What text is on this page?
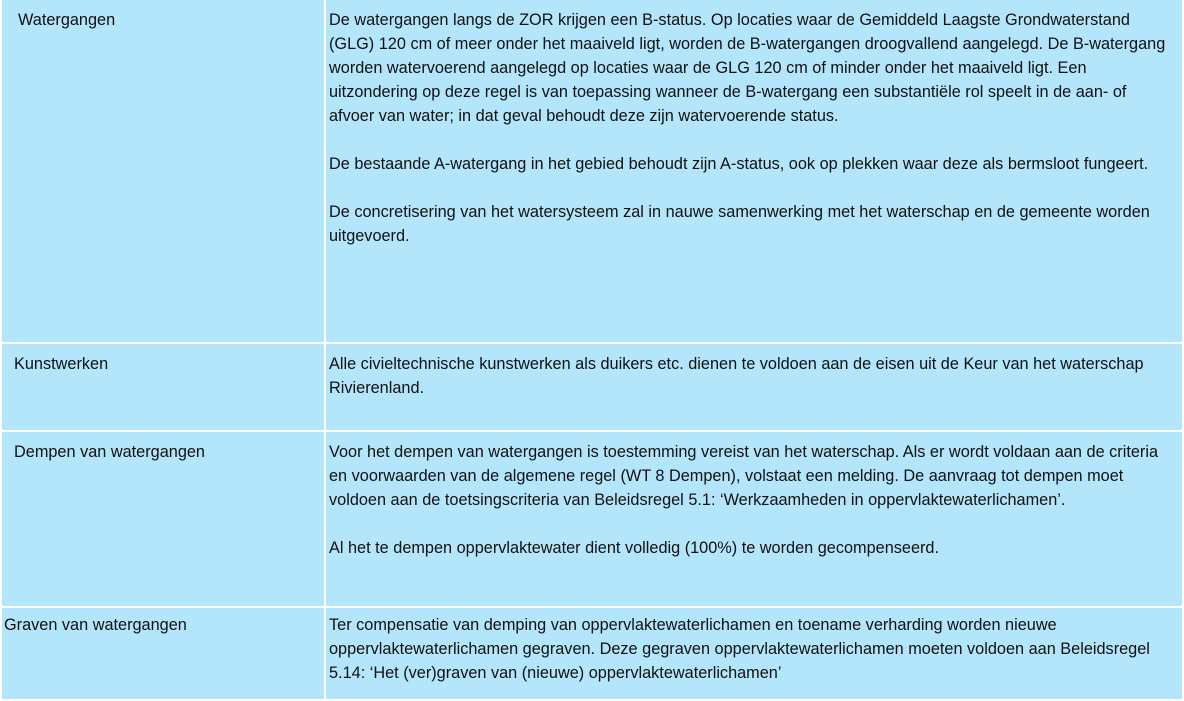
Watergangen	De watergangen langs de ZOR krijgen een B-status. Op locaties waar de Gemiddeld Laagste Grondwaterstand (GLG) 120 cm of meer onder het maaiveld ligt, worden de B-watergangen droogvallend aangelegd. De B-watergang worden watervoerend aangelegd op locaties waar de GLG 120 cm of minder onder het maaiveld ligt. Een uitzondering op deze regel is van toepassing wanneer de B-watergang een substantiële rol speelt in de aan- of afvoer van water; in dat geval behoudt deze zijn watervoerende status.

De bestaande A-watergang in het gebied behoudt zijn A-status, ook op plekken waar deze als bermsloot fungeert.

De concretisering van het watersysteem zal in nauwe samenwerking met het waterschap en de gemeente worden uitgevoerd.

Kunstwerken	Alle civieltechnische kunstwerken als duikers etc. dienen te voldoen aan de eisen uit de Keur van het waterschap Rivierenland.

Dempen van watergangen	Voor het dempen van watergangen is toestemming vereist van het waterschap. Als er wordt voldaan aan de criteria en voorwaarden van de algemene regel (WT 8 Dempen), volstaat een melding. De aanvraag tot dempen moet voldoen aan de toetsingscriteria van Beleidsregel 5.1: ‘Werkzaamheden in oppervlaktewaterlichamen’.

Al het te dempen oppervlaktewater dient volledig (100%) te worden gecompenseerd.

Graven van watergangen	Ter compensatie van demping van oppervlaktewaterlichamen en toename verharding worden nieuwe oppervlaktewaterlichamen gegraven. Deze gegraven oppervlaktewaterlichamen moeten voldoen aan Beleidsregel 5.14: ‘Het (ver)graven van (nieuwe) oppervlaktewaterlichamen’
